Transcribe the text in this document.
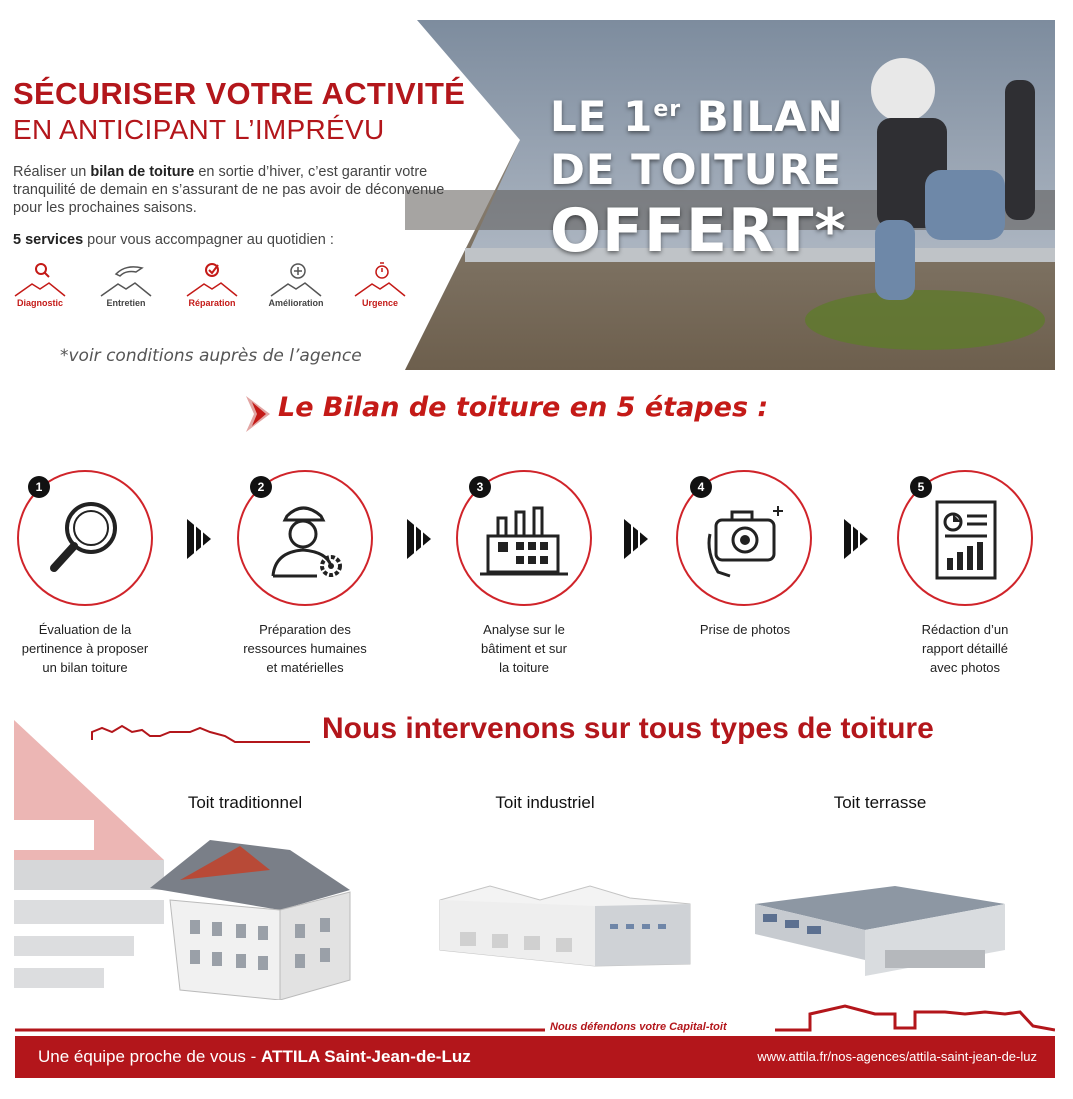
LE 1er BILAN
DE TOITURE
OFFERT*
SÉCURISER VOTRE ACTIVITÉ
EN ANTICIPANT L’IMPRÉVU
Réaliser un bilan de toiture en sortie d’hiver, c’est garantir votre tranquilité de demain en s’assurant de ne pas avoir de déconvenue pour les prochaines saisons.
5 services pour vous accompagner au quotidien :
Diagnostic	Entretien	Réparation	Amélioration	Urgence
*voir conditions auprès de l’agence
Le Bilan de toiture en 5 étapes :
1
Évaluation de la
pertinence à proposer
un bilan toiture
2
Préparation des
ressources humaines
et matérielles
3
Analyse sur le
bâtiment et sur
la toiture
4
Prise de photos
5
Rédaction d’un
rapport détaillé
avec photos
Nous intervenons sur tous types de toiture
Toit traditionnel	Toit industriel	Toit terrasse
Nous défendons votre Capital-toit
Une équipe proche de vous - ATTILA Saint-Jean-de-Luz	www.attila.fr/nos-agences/attila-saint-jean-de-luz
